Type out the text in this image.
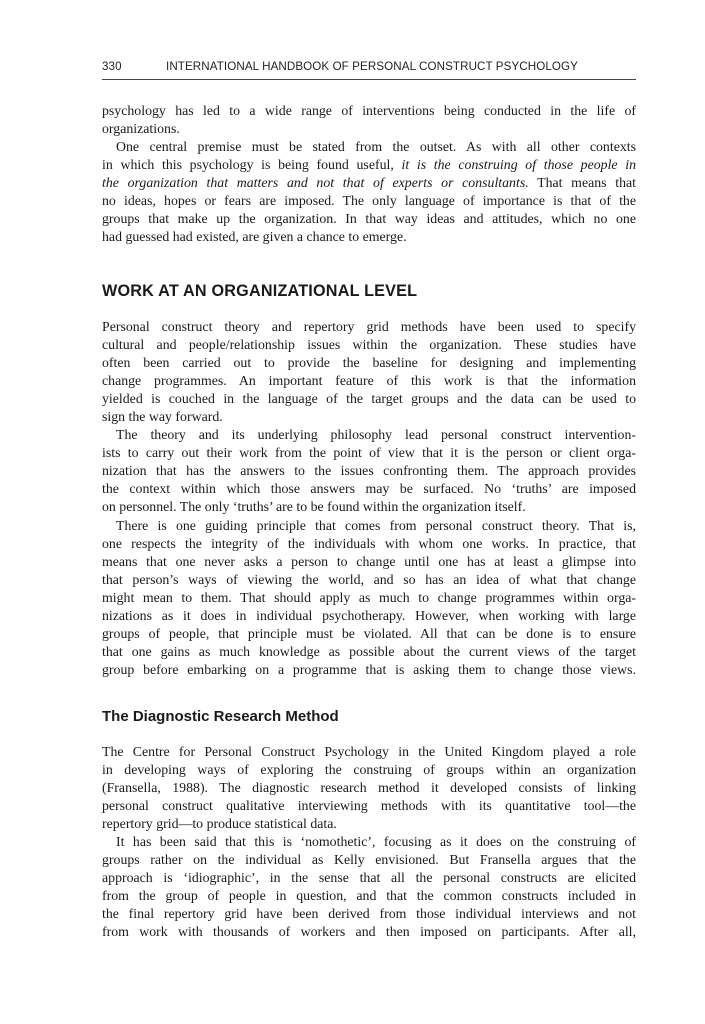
330	INTERNATIONAL HANDBOOK OF PERSONAL CONSTRUCT PSYCHOLOGY
psychology has led to a wide range of interventions being conducted in the life of
organizations.
One central premise must be stated from the outset. As with all other contexts
in which this psychology is being found useful, it is the construing of those people in
the organization that matters and not that of experts or consultants. That means that
no ideas, hopes or fears are imposed. The only language of importance is that of the
groups that make up the organization. In that way ideas and attitudes, which no one
had guessed had existed, are given a chance to emerge.
WORK AT AN ORGANIZATIONAL LEVEL
Personal construct theory and repertory grid methods have been used to specify
cultural and people/relationship issues within the organization. These studies have
often been carried out to provide the baseline for designing and implementing
change programmes. An important feature of this work is that the information
yielded is couched in the language of the target groups and the data can be used to
sign the way forward.
The theory and its underlying philosophy lead personal construct intervention-
ists to carry out their work from the point of view that it is the person or client orga-
nization that has the answers to the issues confronting them. The approach provides
the context within which those answers may be surfaced. No ‘truths’ are imposed
on personnel. The only ‘truths’ are to be found within the organization itself.
There is one guiding principle that comes from personal construct theory. That is,
one respects the integrity of the individuals with whom one works. In practice, that
means that one never asks a person to change until one has at least a glimpse into
that person’s ways of viewing the world, and so has an idea of what that change
might mean to them. That should apply as much to change programmes within orga-
nizations as it does in individual psychotherapy. However, when working with large
groups of people, that principle must be violated. All that can be done is to ensure
that one gains as much knowledge as possible about the current views of the target
group before embarking on a programme that is asking them to change those views.
The Diagnostic Research Method
The Centre for Personal Construct Psychology in the United Kingdom played a role
in developing ways of exploring the construing of groups within an organization
(Fransella, 1988). The diagnostic research method it developed consists of linking
personal construct qualitative interviewing methods with its quantitative tool—the
repertory grid—to produce statistical data.
It has been said that this is ‘nomothetic’, focusing as it does on the construing of
groups rather on the individual as Kelly envisioned. But Fransella argues that the
approach is ‘idiographic’, in the sense that all the personal constructs are elicited
from the group of people in question, and that the common constructs included in
the final repertory grid have been derived from those individual interviews and not
from work with thousands of workers and then imposed on participants. After all,
